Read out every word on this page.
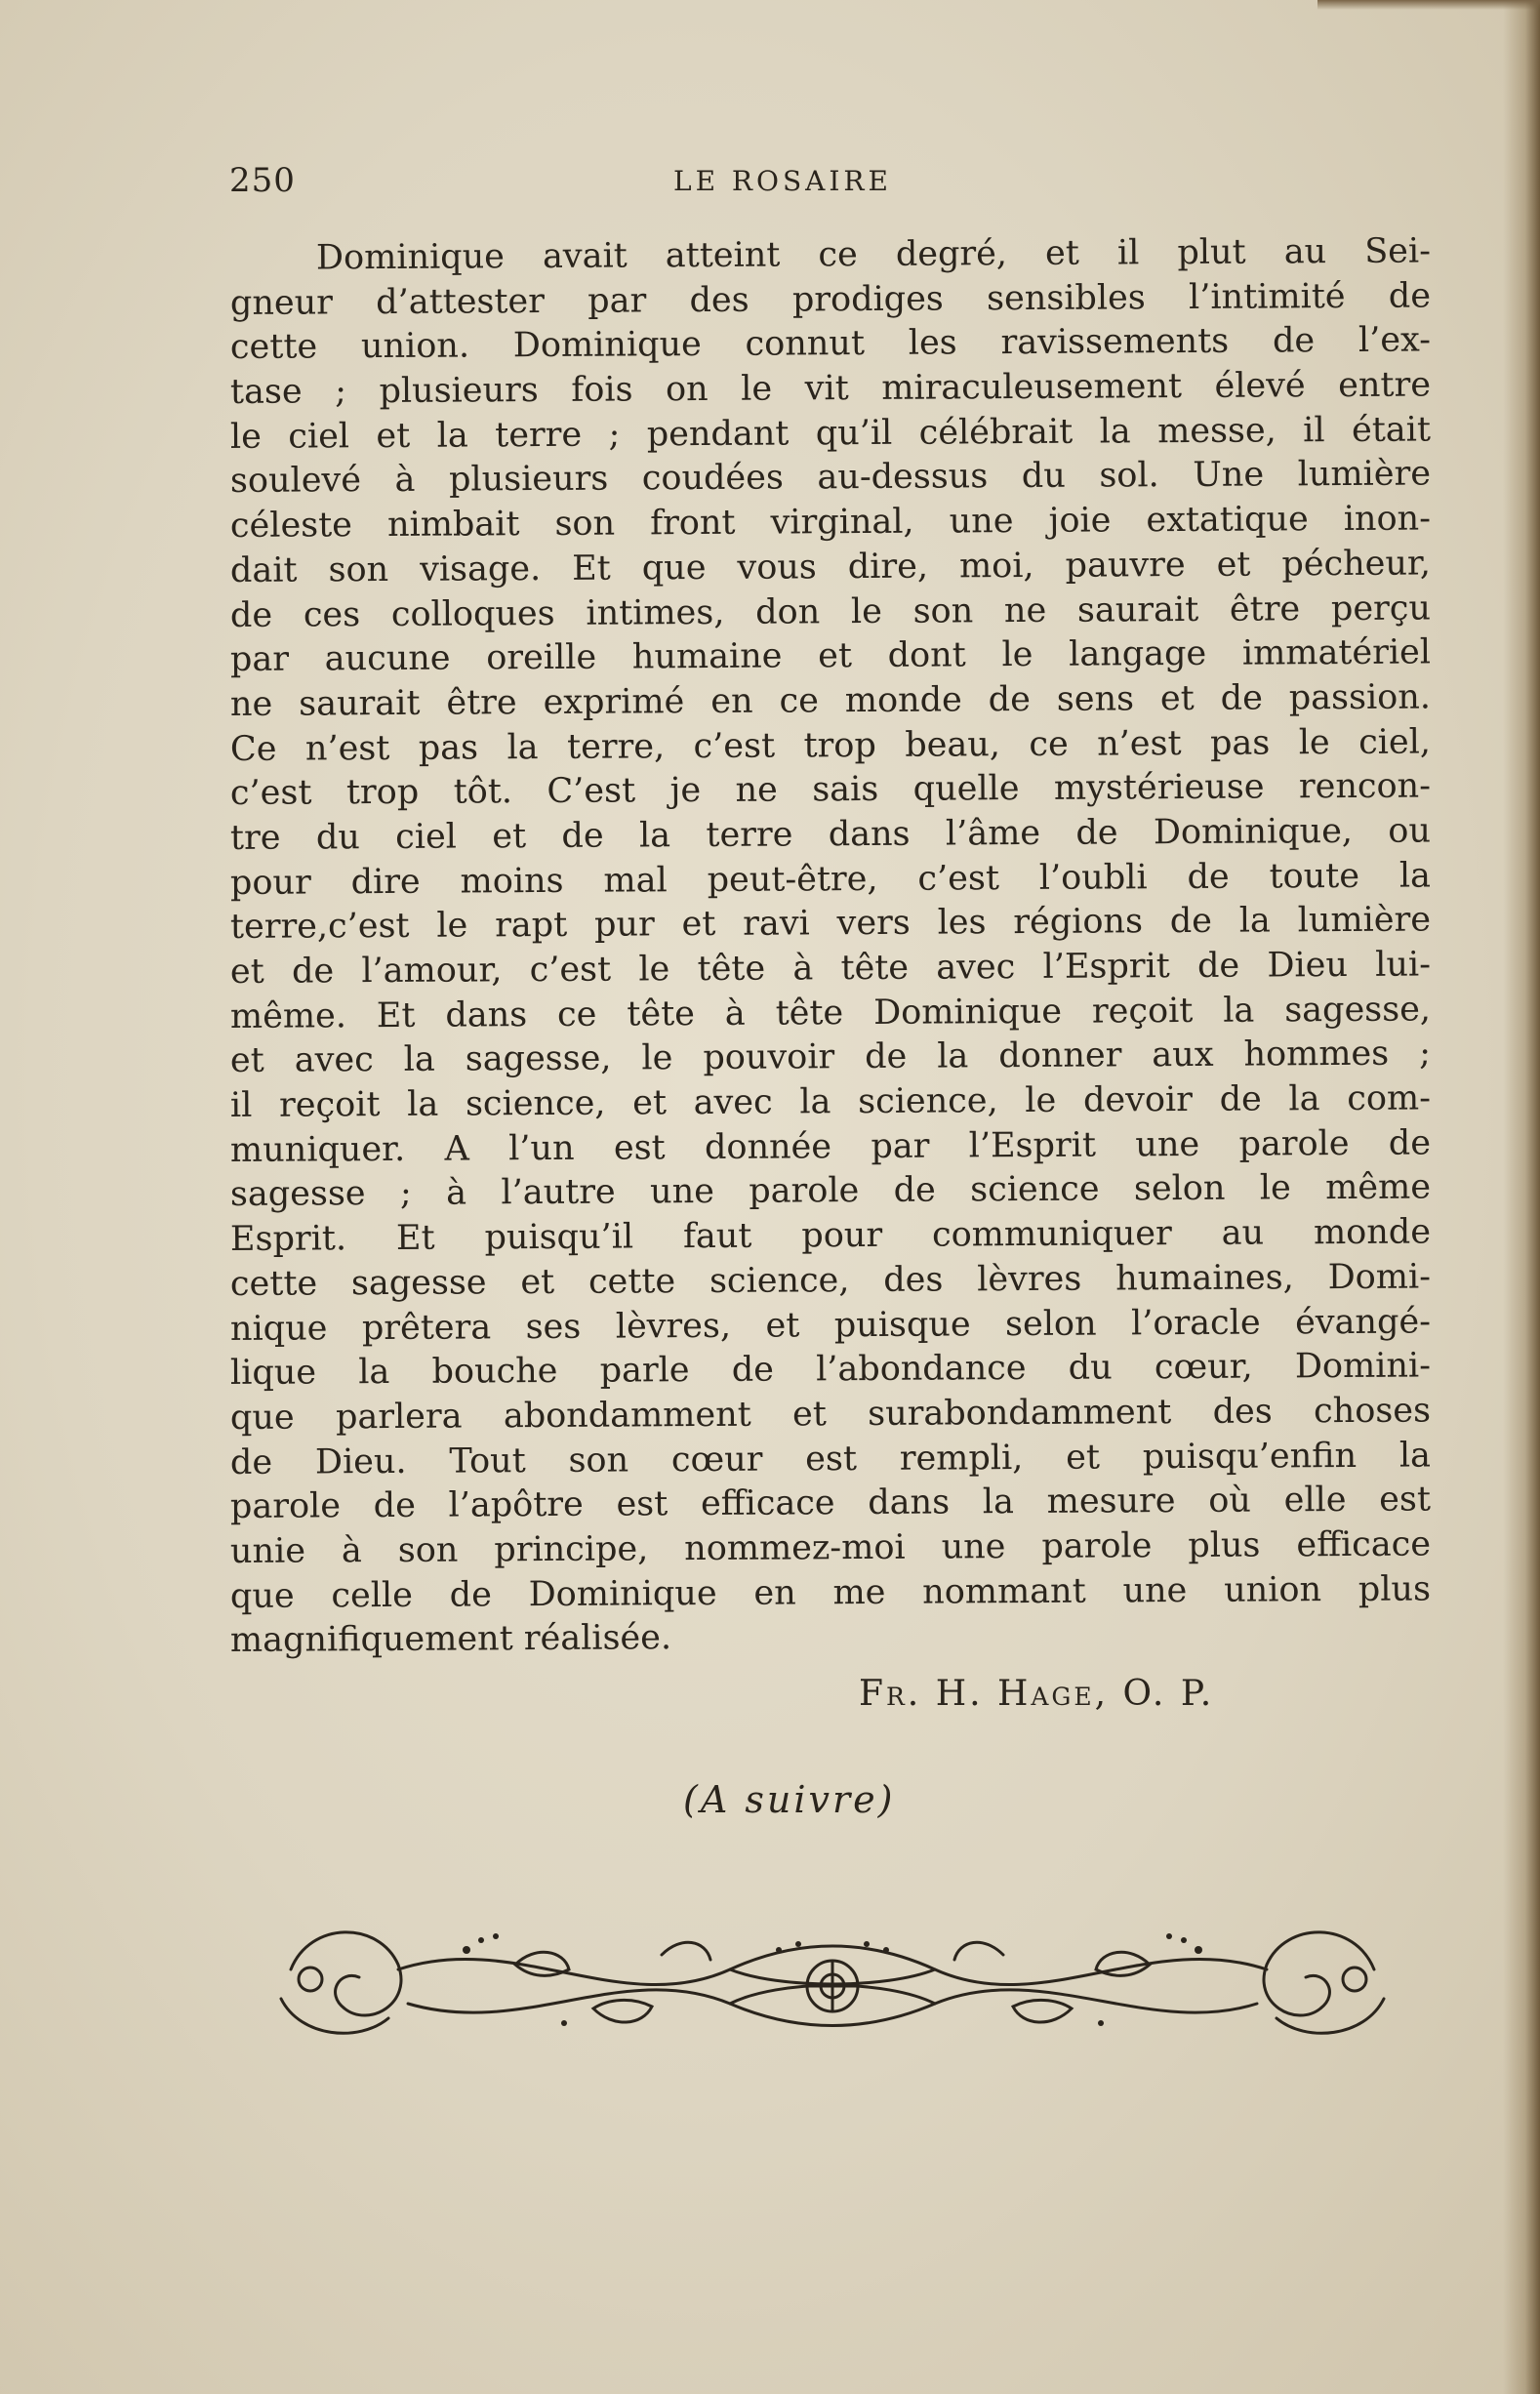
250	LE ROSAIRE
Dominique avait atteint ce degré, et il plut au Sei-
gneur d’attester par des prodiges sensibles l’intimité de
cette union. Dominique connut les ravissements de l’ex-
tase ; plusieurs fois on le vit miraculeusement élevé entre
le ciel et la terre ; pendant qu’il célébrait la messe, il était
soulevé à plusieurs coudées au-dessus du sol. Une lumière
céleste nimbait son front virginal, une joie extatique inon-
dait son visage. Et que vous dire, moi, pauvre et pécheur,
de ces colloques intimes, don le son ne saurait être perçu
par aucune oreille humaine et dont le langage immatériel
ne saurait être exprimé en ce monde de sens et de passion.
Ce n’est pas la terre, c’est trop beau, ce n’est pas le ciel,
c’est trop tôt. C’est je ne sais quelle mystérieuse rencon-
tre du ciel et de la terre dans l’âme de Dominique, ou
pour dire moins mal peut-être, c’est l’oubli de toute la
terre,c’est le rapt pur et ravi vers les régions de la lumière
et de l’amour, c’est le tête à tête avec l’Esprit de Dieu lui-
même. Et dans ce tête à tête Dominique reçoit la sagesse,
et avec la sagesse, le pouvoir de la donner aux hommes ;
il reçoit la science, et avec la science, le devoir de la com-
muniquer. A l’un est donnée par l’Esprit une parole de
sagesse ; à l’autre une parole de science selon le même
Esprit. Et puisqu’il faut pour communiquer au monde
cette sagesse et cette science, des lèvres humaines, Domi-
nique prêtera ses lèvres, et puisque selon l’oracle évangé-
lique la bouche parle de l’abondance du cœur, Domini-
que parlera abondamment et surabondamment des choses
de Dieu. Tout son cœur est rempli, et puisqu’enfin la
parole de l’apôtre est efficace dans la mesure où elle est
unie à son principe, nommez-moi une parole plus efficace
que celle de Dominique en me nommant une union plus
magnifiquement réalisée.
Fr. H. Hage, O. P.
(A suivre)
